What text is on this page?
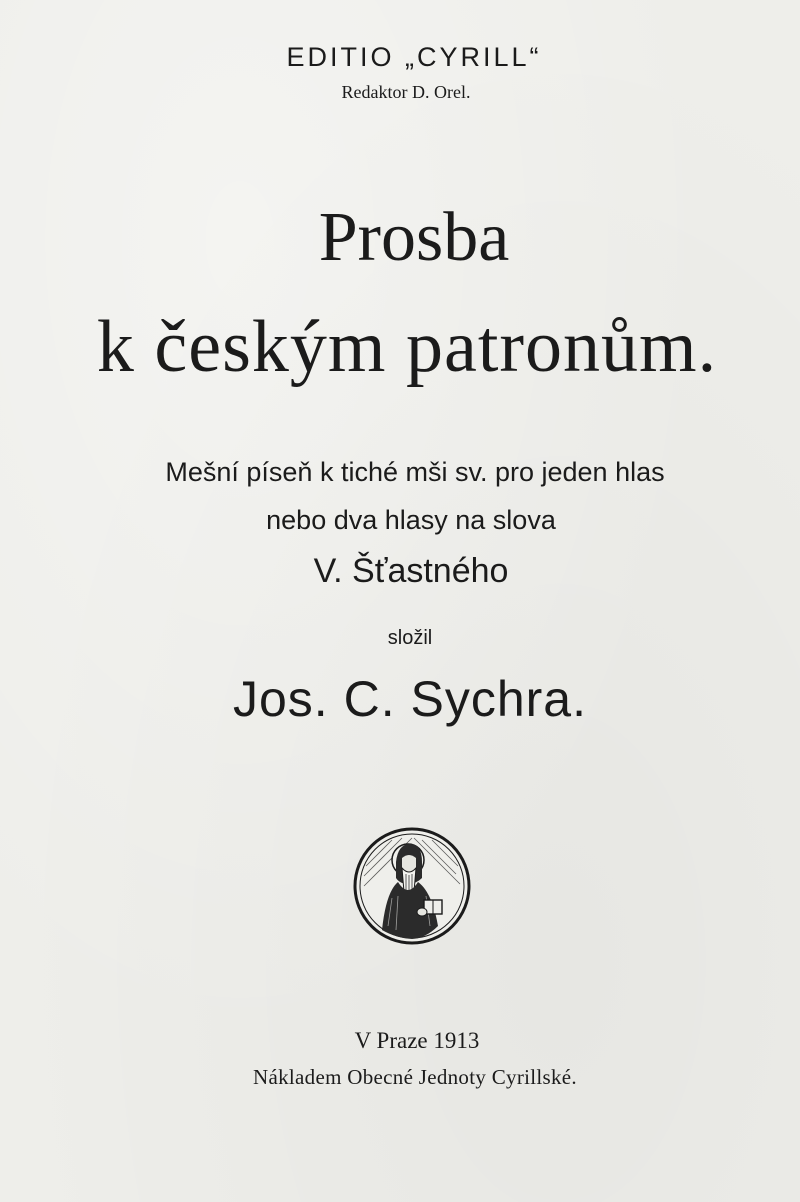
EDITIO „CYRILL“
Redaktor D. Orel.
Prosba
k českým patronům.
Mešní píseň k tiché mši sv. pro jeden hlas
nebo dva hlasy na slova
V. Šťastného
složil
Jos. C. Sychra.
V Praze 1913
Nákladem Obecné Jednoty Cyrillské.
